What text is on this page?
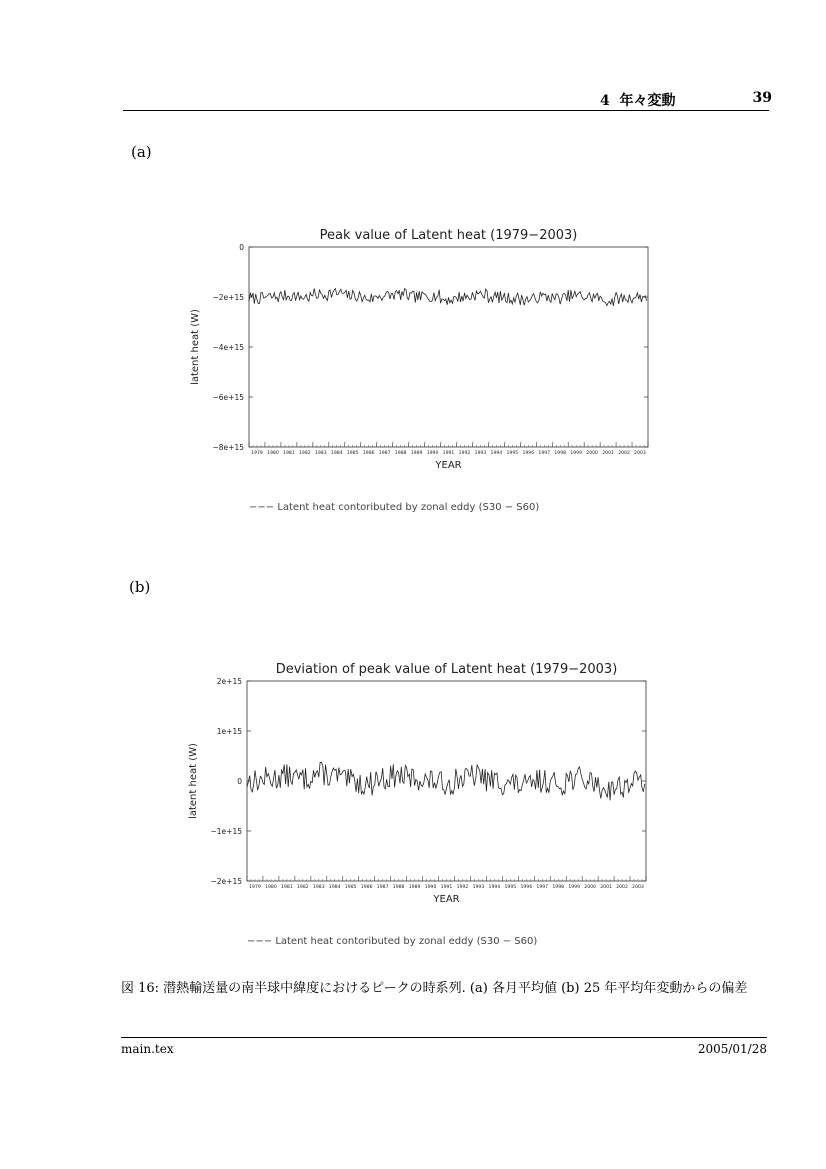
4  年々変動	39
(a)
Peak value of Latent heat (1979−2003)
0
−2e+15
−4e+15
−6e+15
−8e+15
1979 1980 1981 1982 1983 1984 1985 1986 1987 1988 1989 1990 1991 1992 1993 1994 1995 1996 1997 1998 1999 2000 2001 2002 2003
YEAR
latent heat (W)
−−− Latent heat contoributed by zonal eddy (S30 − S60)
Deviation of peak value of Latent heat (1979−2003)
2e+15
1e+15
0
−1e+15
−2e+15
1979 1980 1981 1982 1983 1984 1985 1986 1987 1988 1989 1990 1991 1992 1993 1994 1995 1996 1997 1998 1999 2000 2001 2002 2003
YEAR
latent heat (W)
−−− Latent heat contoributed by zonal eddy (S30 − S60)
(b)
図 16: 潜熱輸送量の南半球中緯度におけるピークの時系列. (a) 各月平均値 (b) 25 年平均年変動からの偏差
main.tex	2005/01/28
